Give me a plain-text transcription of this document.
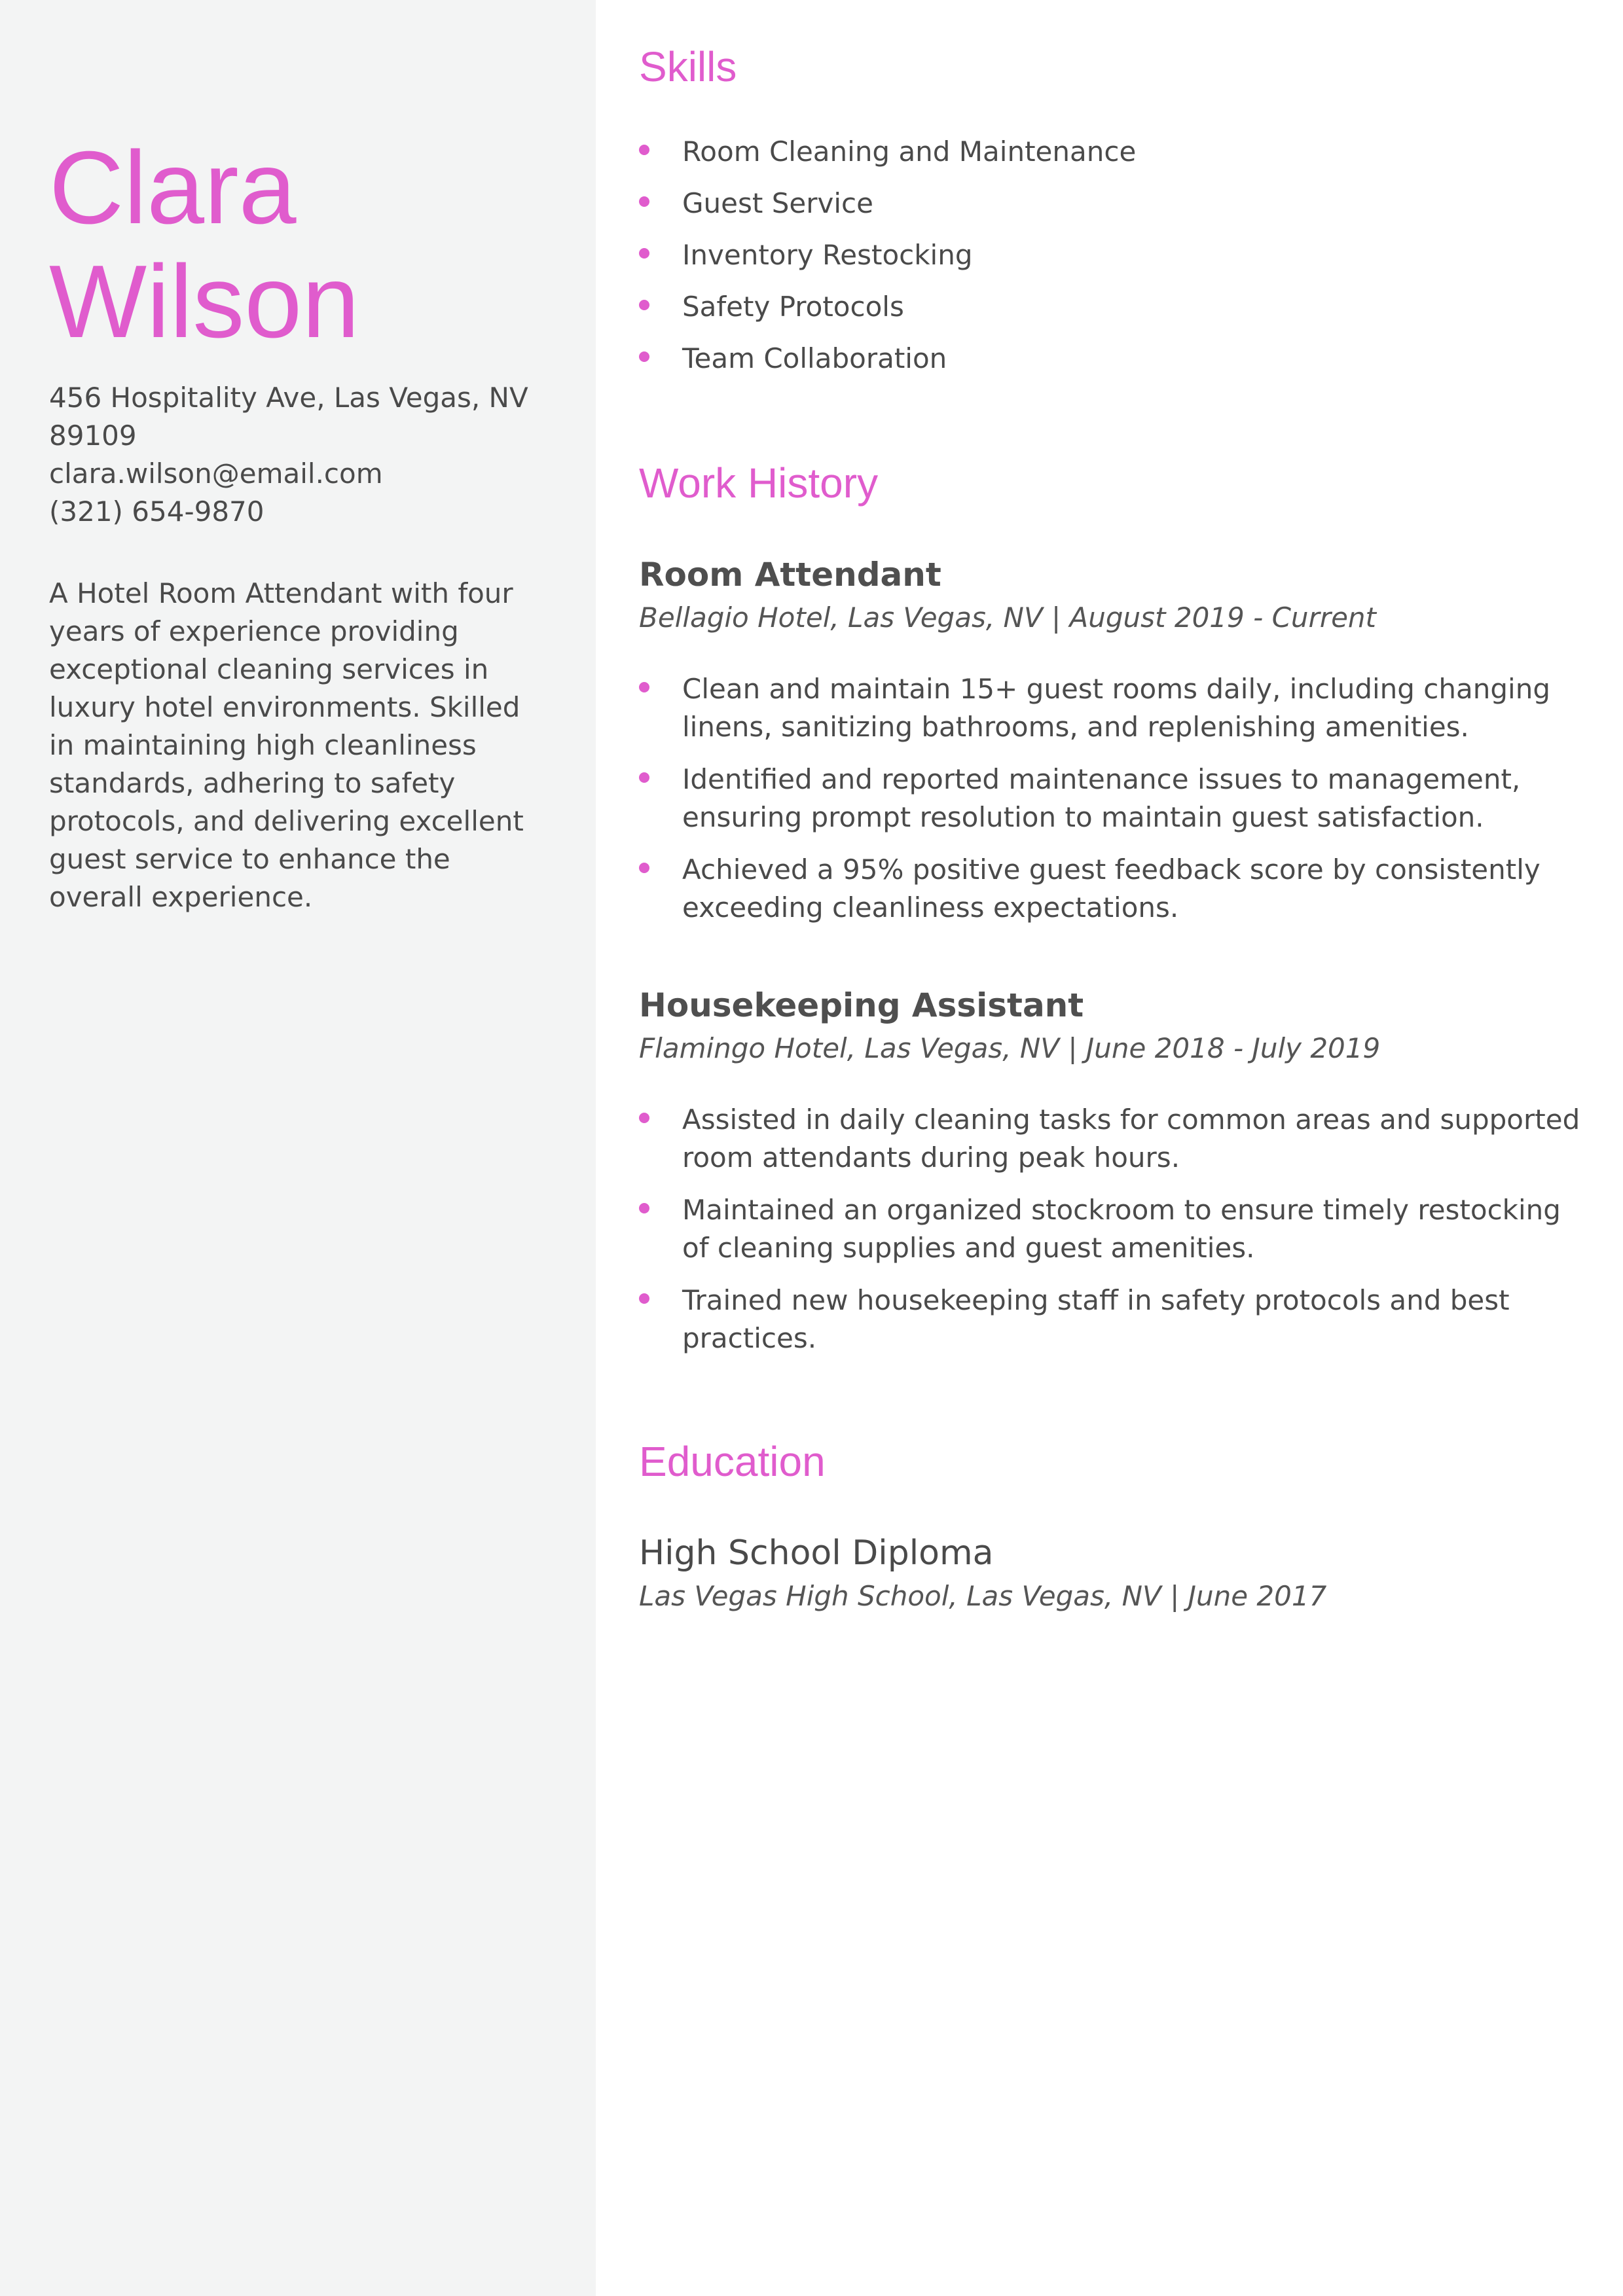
Clara
Wilson
456 Hospitality Ave, Las Vegas, NV
89109
clara.wilson@email.com
(321) 654-9870

A Hotel Room Attendant with four years of experience providing exceptional cleaning services in luxury hotel environments. Skilled in maintaining high cleanliness standards, adhering to safety protocols, and delivering excellent guest service to enhance the overall experience.

Skills
Room Cleaning and Maintenance
Guest Service
Inventory Restocking
Safety Protocols
Team Collaboration
Work History
Room Attendant
Bellagio Hotel, Las Vegas, NV | August 2019 - Current
Clean and maintain 15+ guest rooms daily, including changing linens, sanitizing bathrooms, and replenishing amenities.
Identified and reported maintenance issues to management, ensuring prompt resolution to maintain guest satisfaction.
Achieved a 95% positive guest feedback score by consistently exceeding cleanliness expectations.
Housekeeping Assistant
Flamingo Hotel, Las Vegas, NV | June 2018 - July 2019
Assisted in daily cleaning tasks for common areas and supported room attendants during peak hours.
Maintained an organized stockroom to ensure timely restocking of cleaning supplies and guest amenities.
Trained new housekeeping staff in safety protocols and best practices.
Education
High School Diploma
Las Vegas High School, Las Vegas, NV | June 2017
